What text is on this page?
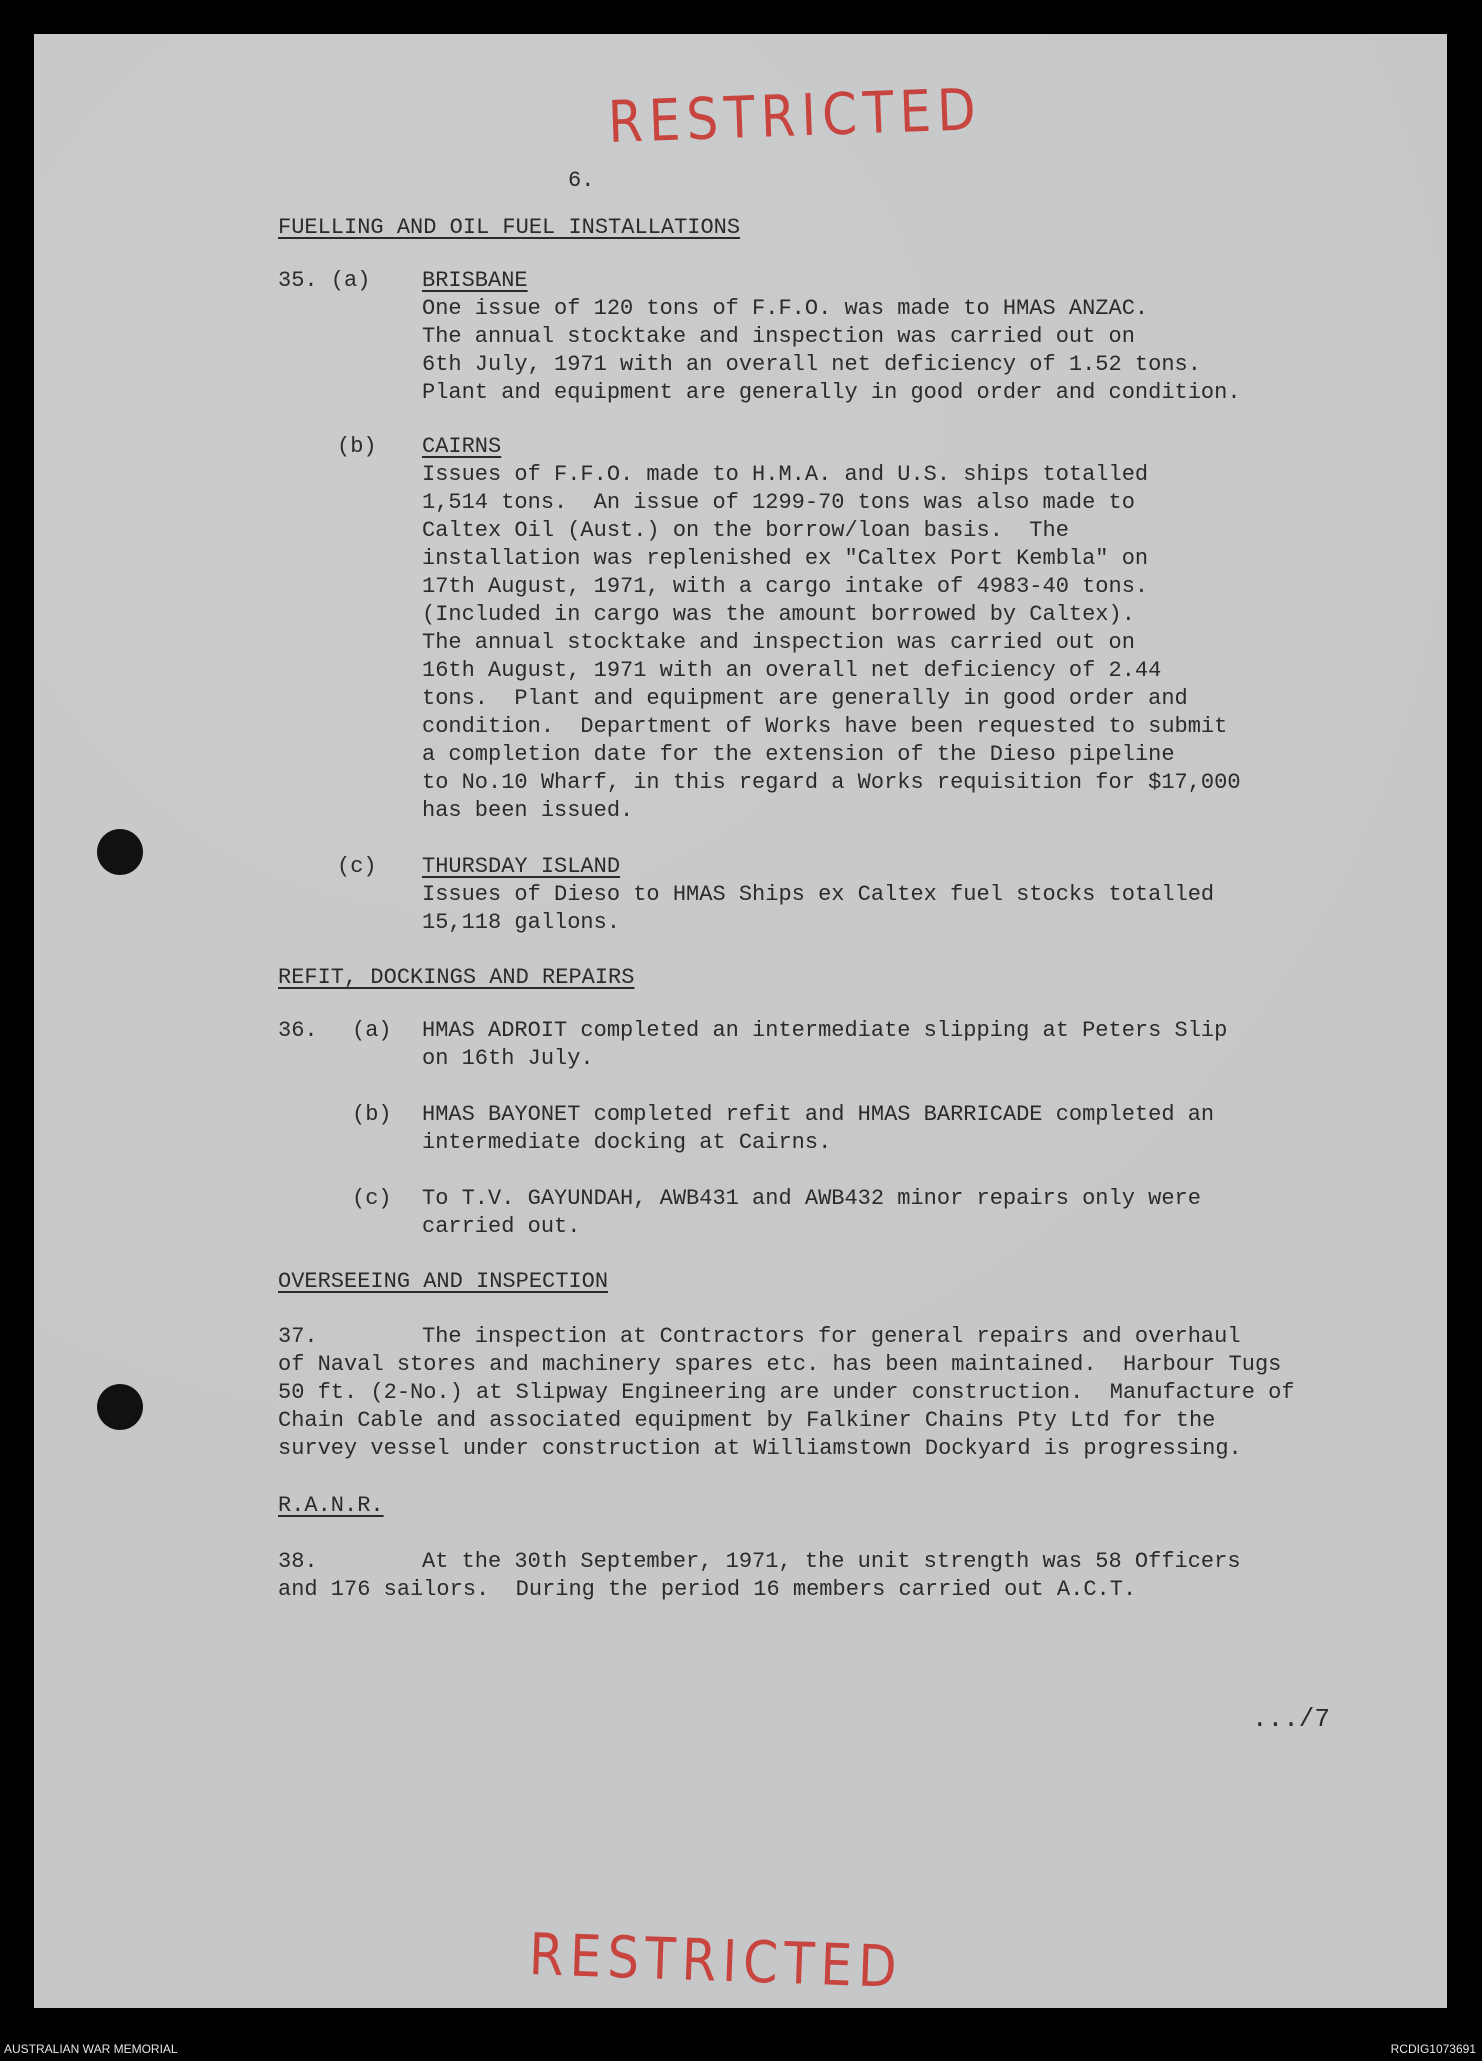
RESTRICTED
6.
FUELLING AND OIL FUEL INSTALLATIONS
35. (a) BRISBANE
One issue of 120 tons of F.F.O. was made to HMAS ANZAC.
The annual stocktake and inspection was carried out on
6th July, 1971 with an overall net deficiency of 1.52 tons.
Plant and equipment are generally in good order and condition.
(b) CAIRNS
Issues of F.F.O. made to H.M.A. and U.S. ships totalled
1,514 tons.  An issue of 1299-70 tons was also made to
Caltex Oil (Aust.) on the borrow/loan basis.  The
installation was replenished ex "Caltex Port Kembla" on
17th August, 1971, with a cargo intake of 4983-40 tons.
(Included in cargo was the amount borrowed by Caltex).
The annual stocktake and inspection was carried out on
16th August, 1971 with an overall net deficiency of 2.44
tons.  Plant and equipment are generally in good order and
condition.  Department of Works have been requested to submit
a completion date for the extension of the Dieso pipeline
to No.10 Wharf, in this regard a Works requisition for $17,000
has been issued.
(c) THURSDAY ISLAND
Issues of Dieso to HMAS Ships ex Caltex fuel stocks totalled
15,118 gallons.
REFIT, DOCKINGS AND REPAIRS
36. (a) HMAS ADROIT completed an intermediate slipping at Peters Slip
on 16th July.
(b) HMAS BAYONET completed refit and HMAS BARRICADE completed an
intermediate docking at Cairns.
(c) To T.V. GAYUNDAH, AWB431 and AWB432 minor repairs only were
carried out.
OVERSEEING AND INSPECTION
37.	The inspection at Contractors for general repairs and overhaul
of Naval stores and machinery spares etc. has been maintained.  Harbour Tugs
50 ft. (2-No.) at Slipway Engineering are under construction.  Manufacture of
Chain Cable and associated equipment by Falkiner Chains Pty Ltd for the
survey vessel under construction at Williamstown Dockyard is progressing.
R.A.N.R.
38.	At the 30th September, 1971, the unit strength was 58 Officers
and 176 sailors.  During the period 16 members carried out A.C.T.
.../7
RESTRICTED
AUSTRALIAN WAR MEMORIAL	RCDIG1073691
